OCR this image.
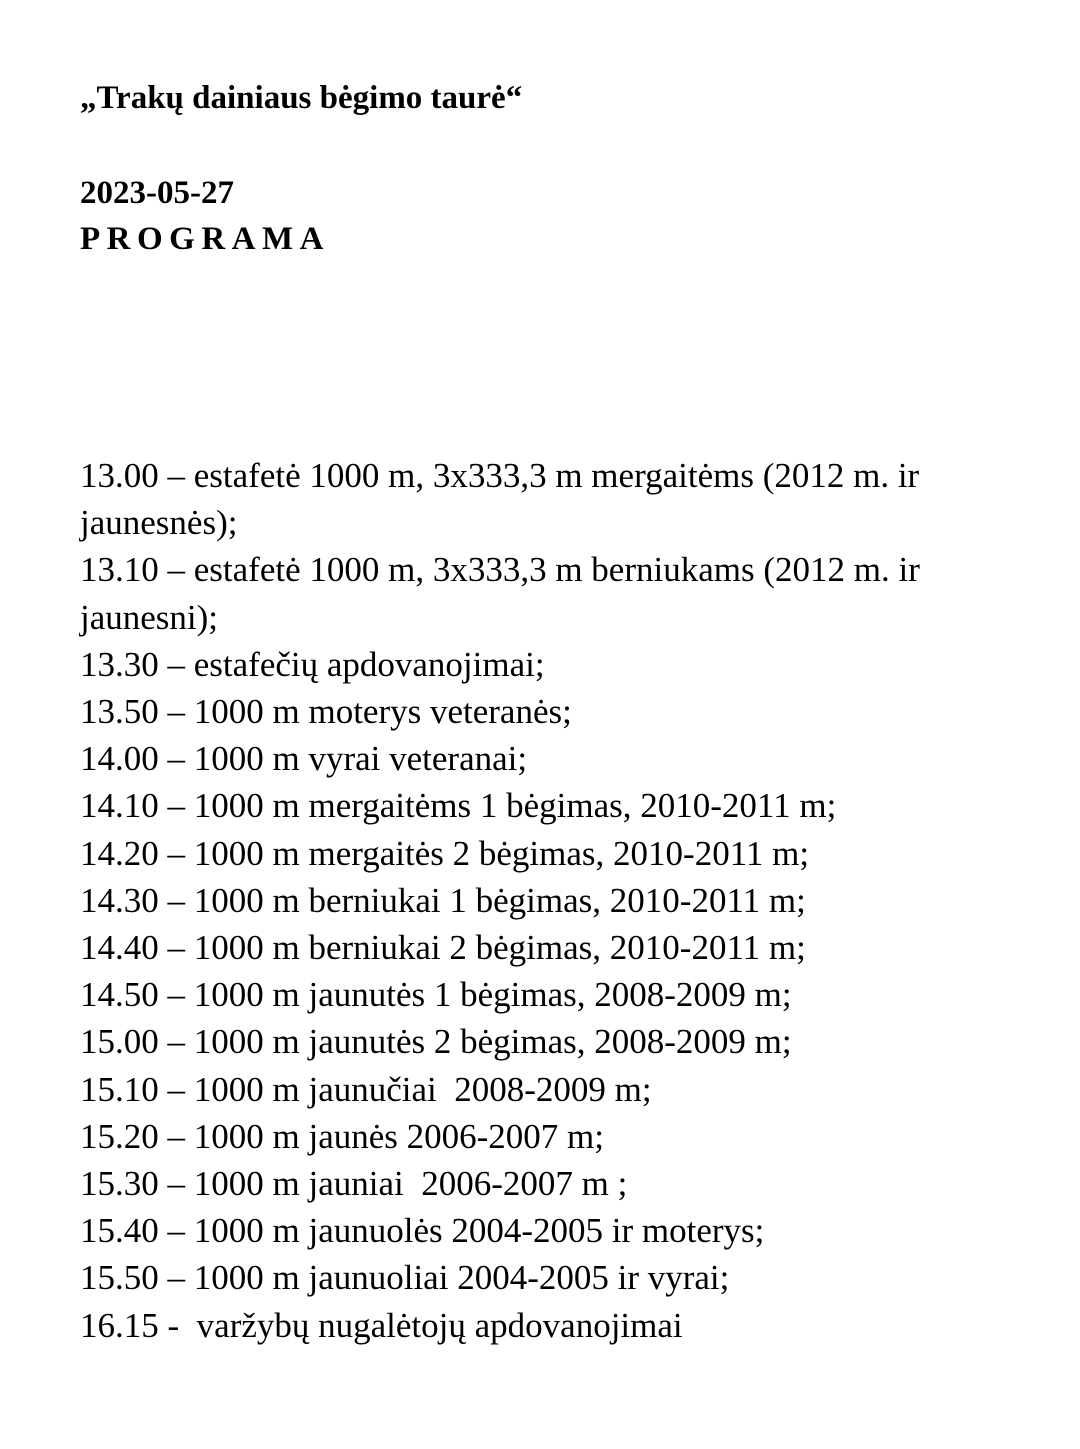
„Trakų dainiaus bėgimo taurė“
2023-05-27
PROGRAMA
13.00 – estafetė 1000 m, 3x333,3 m mergaitėms (2012 m. ir jaunesnės);
13.10 – estafetė 1000 m, 3x333,3 m berniukams (2012 m. ir jaunesni);
13.30 – estafečių apdovanojimai;
13.50 – 1000 m moterys veteranės;
14.00 – 1000 m vyrai veteranai;
14.10 – 1000 m mergaitėms 1 bėgimas, 2010-2011 m;
14.20 – 1000 m mergaitės 2 bėgimas, 2010-2011 m;
14.30 – 1000 m berniukai 1 bėgimas, 2010-2011 m;
14.40 – 1000 m berniukai 2 bėgimas, 2010-2011 m;
14.50 – 1000 m jaunutės 1 bėgimas, 2008-2009 m;
15.00 – 1000 m jaunutės 2 bėgimas, 2008-2009 m;
15.10 – 1000 m jaunučiai  2008-2009 m;
15.20 – 1000 m jaunės 2006-2007 m;
15.30 – 1000 m jauniai  2006-2007 m ;
15.40 – 1000 m jaunuolės 2004-2005 ir moterys;
15.50 – 1000 m jaunuoliai 2004-2005 ir vyrai;
16.15 -  varžybų nugalėtojų apdovanojimai
